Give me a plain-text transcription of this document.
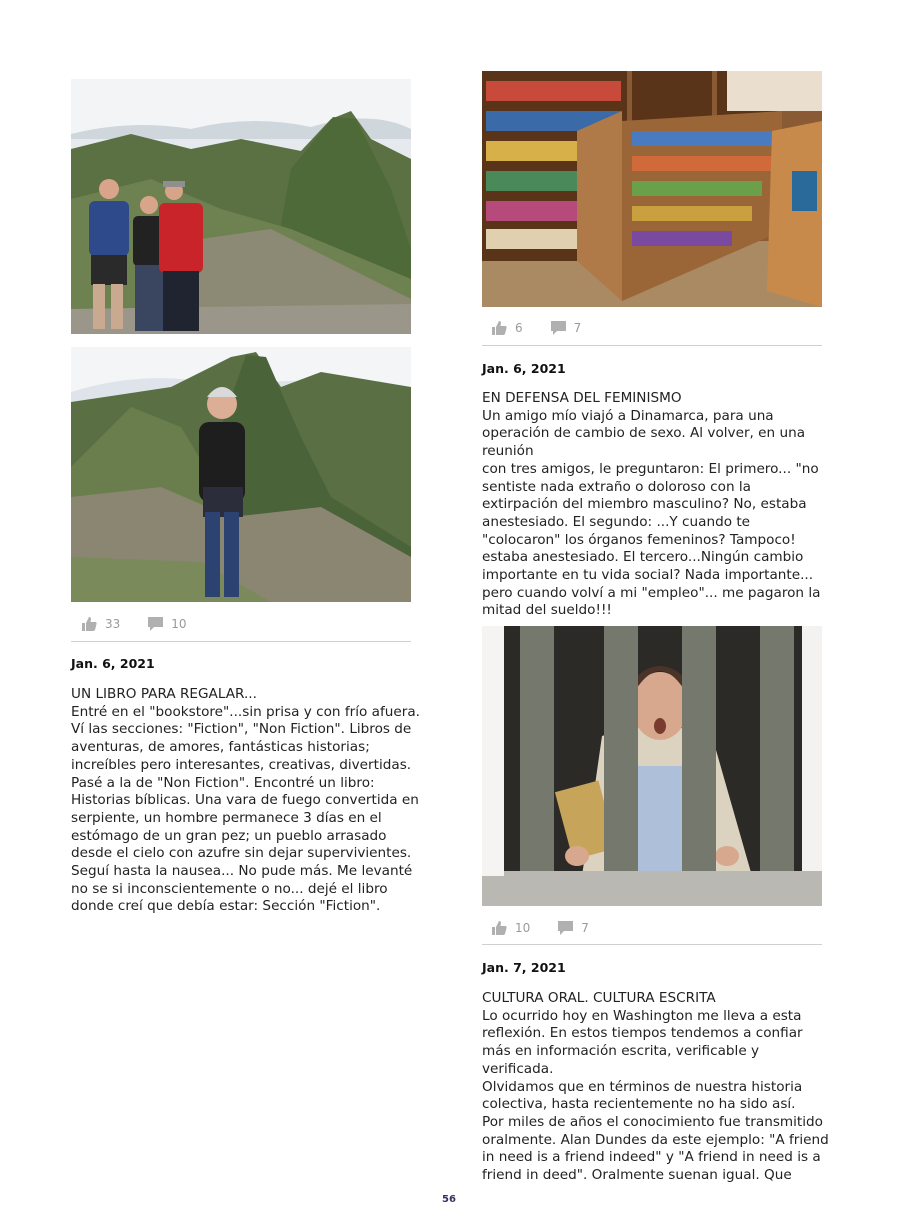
33	10
Jan. 6, 2021

UN LIBRO PARA REGALAR...

Entré en el "bookstore"...sin prisa y con frío afuera.

Ví las secciones: "Fiction", "Non Fiction". Libros de

aventuras, de amores, fantásticas historias;

increíbles pero interesantes, creativas, divertidas.

Pasé a la de "Non Fiction". Encontré un libro:

Historias bíblicas. Una vara de fuego convertida en

serpiente, un hombre permanece 3 días en el

estómago de un gran pez; un pueblo arrasado

desde el cielo con azufre sin dejar supervivientes.

Seguí hasta la nausea... No pude más. Me levanté

no se si inconscientemente o no... dejé el libro

donde creí que debía estar: Sección "Fiction".

6	7
Jan. 6, 2021

EN DEFENSA DEL FEMINISMO

Un amigo mío viajó a Dinamarca, para una

operación de cambio de sexo. Al volver, en una

reunión

con tres amigos, le preguntaron: El primero... "no

sentiste nada extraño o doloroso con la

extirpación del miembro masculino? No, estaba

anestesiado. El segundo: ...Y cuando te

"colocaron" los órganos femeninos? Tampoco!

estaba anestesiado. El tercero...Ningún cambio

importante en tu vida social? Nada importante...

pero cuando volví a mi "empleo"... me pagaron la

mitad del sueldo!!!

10	7
Jan. 7, 2021

CULTURA ORAL. CULTURA ESCRITA

Lo ocurrido hoy en Washington me lleva a esta

reflexión. En estos tiempos tendemos a confiar

más en información escrita, verificable y verificada.

Olvidamos que en términos de nuestra historia

colectiva, hasta recientemente no ha sido así.

Por miles de años el conocimiento fue transmitido

oralmente. Alan Dundes da este ejemplo: "A friend

in need is a friend indeed" y "A friend in need is a

friend in deed". Oralmente suenan igual. Que

56
